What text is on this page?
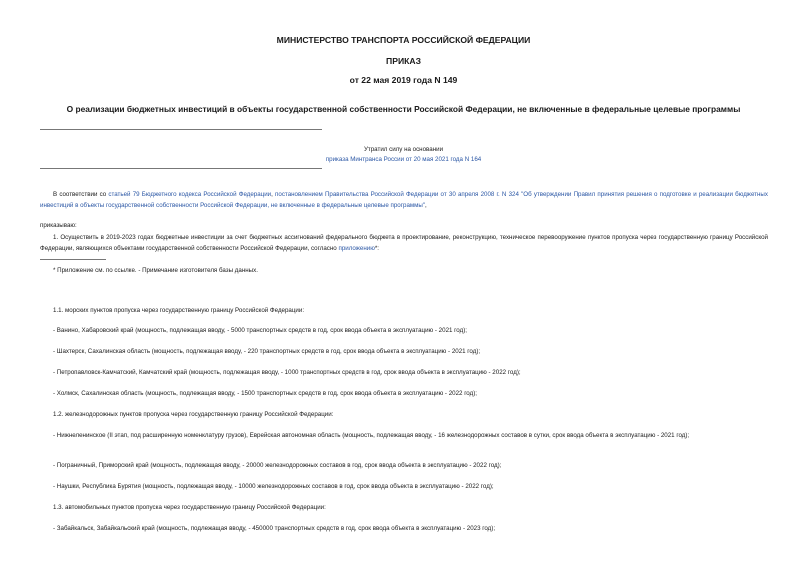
МИНИСТЕРСТВО ТРАНСПОРТА РОССИЙСКОЙ ФЕДЕРАЦИИ
ПРИКАЗ
от 22 мая 2019 года N 149
О реализации бюджетных инвестиций в объекты государственной собственности Российской Федерации, не включенные в федеральные целевые программы
Утратил силу на основании
приказа Минтранса России от 20 мая 2021 года N 164
В соответствии со статьей 79 Бюджетного кодекса Российской Федерации, постановлением Правительства Российской Федерации от 30 апреля 2008 г. N 324 "Об утверждении Правил принятия решения о подготовке и реализации бюджетных инвестиций в объекты государственной собственности Российской Федерации, не включенные в федеральные целевые программы",
приказываю:
1. Осуществить в 2019-2023 годах бюджетные инвестиции за счет бюджетных ассигнований федерального бюджета в проектирование, реконструкцию, техническое перевооружение пунктов пропуска через государственную границу Российской Федерации, являющихся объектами государственной собственности Российской Федерации, согласно приложению*:
* Приложение см. по ссылке. - Примечание изготовителя базы данных.
1.1. морских пунктов пропуска через государственную границу Российской Федерации:
- Ванино, Хабаровский край (мощность, подлежащая вводу, - 5000 транспортных средств в год, срок ввода объекта в эксплуатацию - 2021 год);
- Шахтерск, Сахалинская область (мощность, подлежащая вводу, - 220 транспортных средств в год, срок ввода объекта в эксплуатацию - 2021 год);
- Петропавловск-Камчатский, Камчатский край (мощность, подлежащая вводу, - 1000 транспортных средств в год, срок ввода объекта в эксплуатацию - 2022 год);
- Холмск, Сахалинская область (мощность, подлежащая вводу, - 1500 транспортных средств в год, срок ввода объекта в эксплуатацию - 2022 год);
1.2. железнодорожных пунктов пропуска через государственную границу Российской Федерации:
- Нижнеленинское (II этап, под расширенную номенклатуру грузов), Еврейская автономная область (мощность, подлежащая вводу, - 16 железнодорожных составов в сутки, срок ввода объекта в эксплуатацию - 2021 год);
- Пограничный, Приморский край (мощность, подлежащая вводу, - 20000 железнодорожных составов в год, срок ввода объекта в эксплуатацию - 2022 год);
- Наушки, Республика Бурятия (мощность, подлежащая вводу, - 10000 железнодорожных составов в год, срок ввода объекта в эксплуатацию - 2022 год);
1.3. автомобильных пунктов пропуска через государственную границу Российской Федерации:
- Забайкальск, Забайкальский край (мощность, подлежащая вводу, - 450000 транспортных средств в год, срок ввода объекта в эксплуатацию - 2023 год);
